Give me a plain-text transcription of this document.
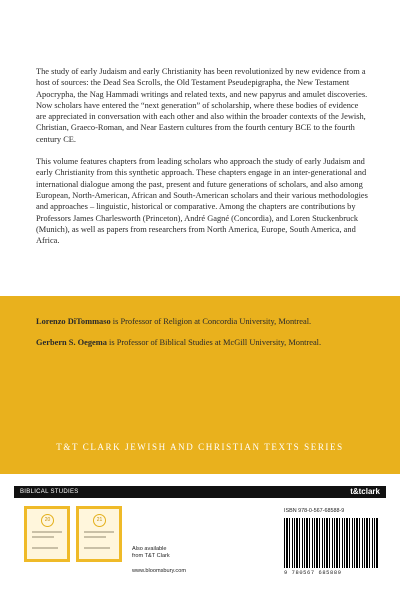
The study of early Judaism and early Christianity has been revolutionized by new evidence from a host of sources: the Dead Sea Scrolls, the Old Testament Pseudepigrapha, the New Testament Apocrypha, the Nag Hammadi writings and related texts, and new papyrus and amulet discoveries. Now scholars have entered the “next generation” of scholarship, where these bodies of evidence are appreciated in conversation with each other and also within the broader contexts of the Jewish, Christian, Graeco-Roman, and Near Eastern cultures from the fourth century BCE to the fourth century CE.

This volume features chapters from leading scholars who approach the study of early Judaism and early Christianity from this synthetic approach. These chapters engage in an inter-generational and international dialogue among the past, present and future generations of scholars, and also among European, North-American, African and South-American scholars and their various methodologies and approaches – linguistic, historical or comparative. Among the chapters are contributions by Professors James Charlesworth (Princeton), André Gagné (Concordia), and Loren Stuckenbruck (Munich), as well as papers from researchers from North America, Europe, South America, and Africa.

Lorenzo DiTommaso is Professor of Religion at Concordia University, Montreal.

Gerbern S. Oegema is Professor of Biblical Studies at McGill University, Montreal.

T&T CLARK JEWISH AND CHRISTIAN TEXTS SERIES
BIBLICAL STUDIES	t&tclark
20	21
Also available
from T&T Clark
www.bloomsbury.com
ISBN 978-0-567-68588-9
9 780567 685889
